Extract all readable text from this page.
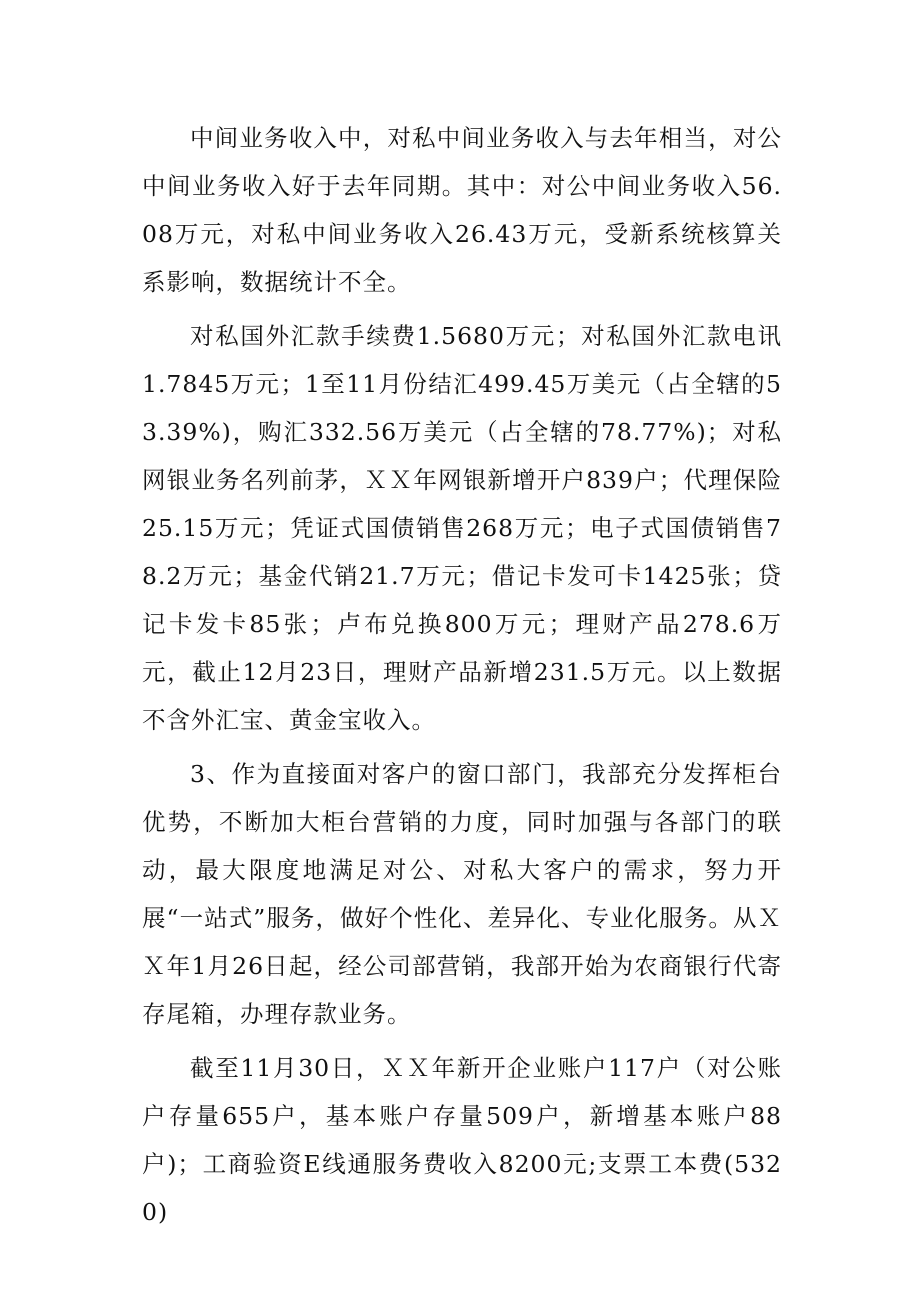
中间业务收入中，对私中间业务收入与去年相当，对公中间业务收入好于去年同期。其中：对公中间业务收入56.08万元，对私中间业务收入26.43万元，受新系统核算关系影响，数据统计不全。

对私国外汇款手续费1.5680万元；对私国外汇款电讯1.7845万元；1至11月份结汇499.45万美元（占全辖的53.39%)，购汇332.56万美元（占全辖的78.77%)；对私网银业务名列前茅，ＸＸ年网银新增开户839户；代理保险25.15万元；凭证式国债销售268万元；电子式国债销售78.2万元；基金代销21.7万元；借记卡发可卡1425张；贷记卡发卡85张；卢布兑换800万元；理财产品278.6万元，截止12月23日，理财产品新增231.5万元。以上数据不含外汇宝、黄金宝收入。

3、作为直接面对客户的窗口部门，我部充分发挥柜台优势，不断加大柜台营销的力度，同时加强与各部门的联动，最大限度地满足对公、对私大客户的需求，努力开展“一站式”服务，做好个性化、差异化、专业化服务。从ＸＸ年1月26日起，经公司部营销，我部开始为农商银行代寄存尾箱，办理存款业务。

截至11月30日，ＸＸ年新开企业账户117户（对公账户存量655户，基本账户存量509户，新增基本账户88户)；工商验资E线通服务费收入8200元;支票工本费(5320)
